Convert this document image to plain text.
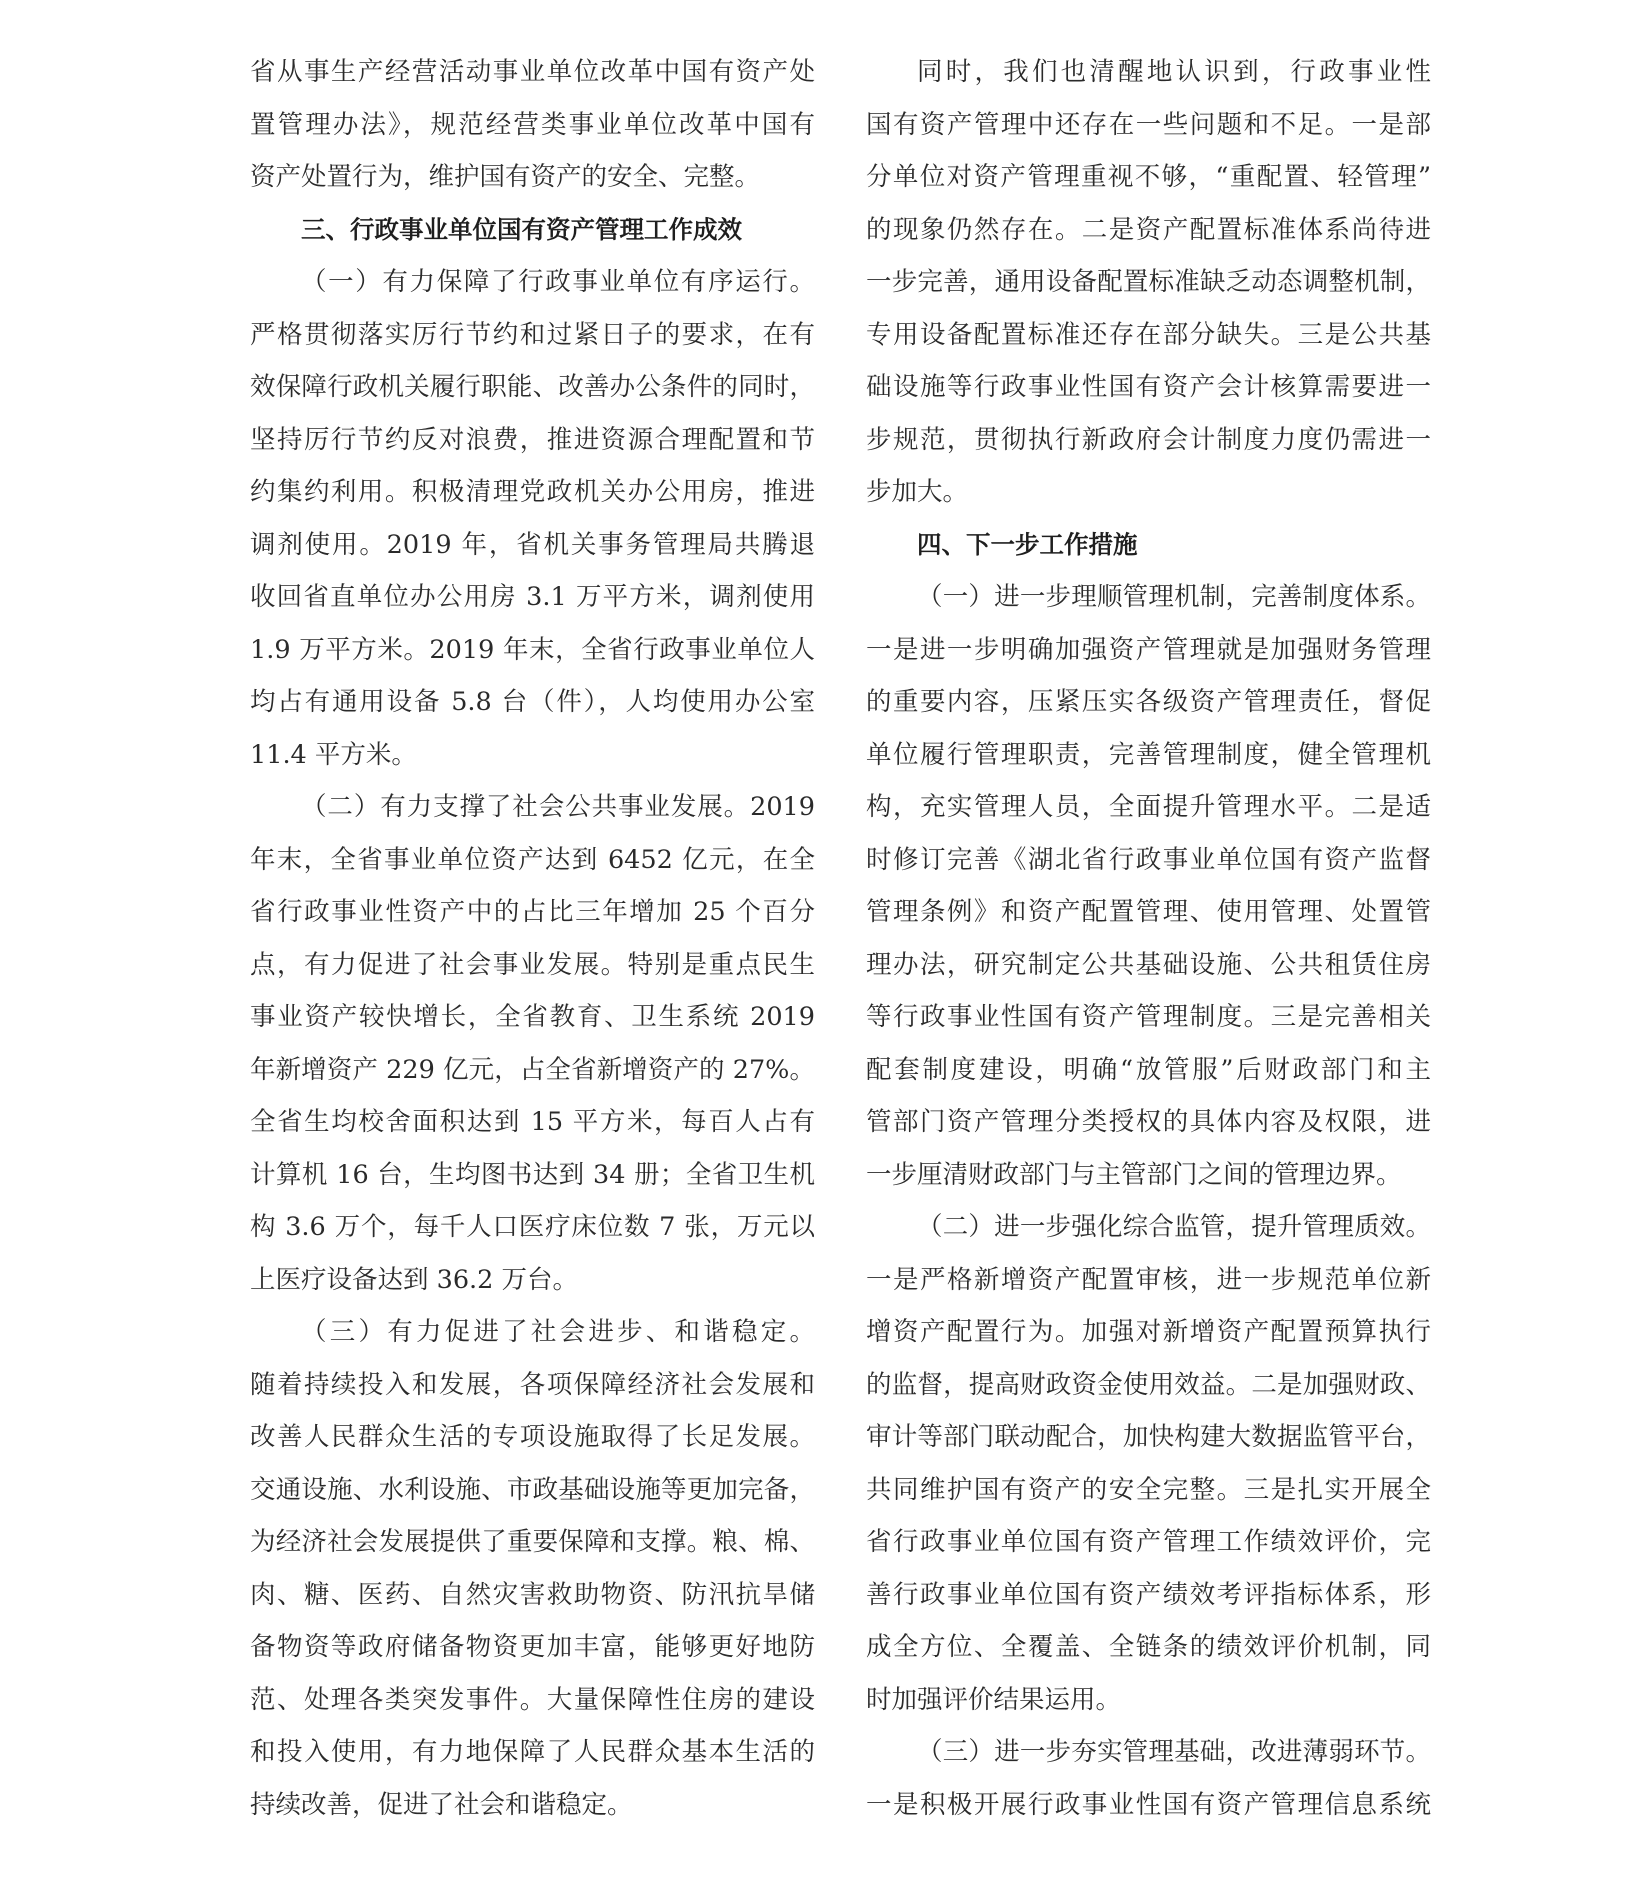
省从事生产经营活动事业单位改革中国有资产处
置管理办法》，规范经营类事业单位改革中国有
资产处置行为，维护国有资产的安全、完整。
三、行政事业单位国有资产管理工作成效
（一）有力保障了行政事业单位有序运行。
严格贯彻落实厉行节约和过紧日子的要求，在有
效保障行政机关履行职能、改善办公条件的同时，
坚持厉行节约反对浪费，推进资源合理配置和节
约集约利用。积极清理党政机关办公用房，推进
调剂使用。2019 年，省机关事务管理局共腾退
收回省直单位办公用房 3.1 万平方米，调剂使用
1.9 万平方米。2019 年末，全省行政事业单位人
均占有通用设备 5.8 台（件），人均使用办公室
11.4 平方米。
（二）有力支撑了社会公共事业发展。2019
年末，全省事业单位资产达到 6452 亿元，在全
省行政事业性资产中的占比三年增加 25 个百分
点，有力促进了社会事业发展。特别是重点民生
事业资产较快增长，全省教育、卫生系统 2019
年新增资产 229 亿元，占全省新增资产的 27%。
全省生均校舍面积达到 15 平方米，每百人占有
计算机 16 台，生均图书达到 34 册；全省卫生机
构 3.6 万个，每千人口医疗床位数 7 张，万元以
上医疗设备达到 36.2 万台。
（三）有力促进了社会进步、和谐稳定。
随着持续投入和发展，各项保障经济社会发展和
改善人民群众生活的专项设施取得了长足发展。
交通设施、水利设施、市政基础设施等更加完备，
为经济社会发展提供了重要保障和支撑。粮、棉、
肉、糖、医药、自然灾害救助物资、防汛抗旱储
备物资等政府储备物资更加丰富，能够更好地防
范、处理各类突发事件。大量保障性住房的建设
和投入使用，有力地保障了人民群众基本生活的
持续改善，促进了社会和谐稳定。
同时，我们也清醒地认识到，行政事业性
国有资产管理中还存在一些问题和不足。一是部
分单位对资产管理重视不够，“重配置、轻管理”
的现象仍然存在。二是资产配置标准体系尚待进
一步完善，通用设备配置标准缺乏动态调整机制，
专用设备配置标准还存在部分缺失。三是公共基
础设施等行政事业性国有资产会计核算需要进一
步规范，贯彻执行新政府会计制度力度仍需进一
步加大。
四、下一步工作措施
（一）进一步理顺管理机制，完善制度体系。
一是进一步明确加强资产管理就是加强财务管理
的重要内容，压紧压实各级资产管理责任，督促
单位履行管理职责，完善管理制度，健全管理机
构，充实管理人员，全面提升管理水平。二是适
时修订完善《湖北省行政事业单位国有资产监督
管理条例》和资产配置管理、使用管理、处置管
理办法，研究制定公共基础设施、公共租赁住房
等行政事业性国有资产管理制度。三是完善相关
配套制度建设，明确“放管服”后财政部门和主
管部门资产管理分类授权的具体内容及权限，进
一步厘清财政部门与主管部门之间的管理边界。
（二）进一步强化综合监管，提升管理质效。
一是严格新增资产配置审核，进一步规范单位新
增资产配置行为。加强对新增资产配置预算执行
的监督，提高财政资金使用效益。二是加强财政、
审计等部门联动配合，加快构建大数据监管平台，
共同维护国有资产的安全完整。三是扎实开展全
省行政事业单位国有资产管理工作绩效评价，完
善行政事业单位国有资产绩效考评指标体系，形
成全方位、全覆盖、全链条的绩效评价机制，同
时加强评价结果运用。
（三）进一步夯实管理基础，改进薄弱环节。
一是积极开展行政事业性国有资产管理信息系统
